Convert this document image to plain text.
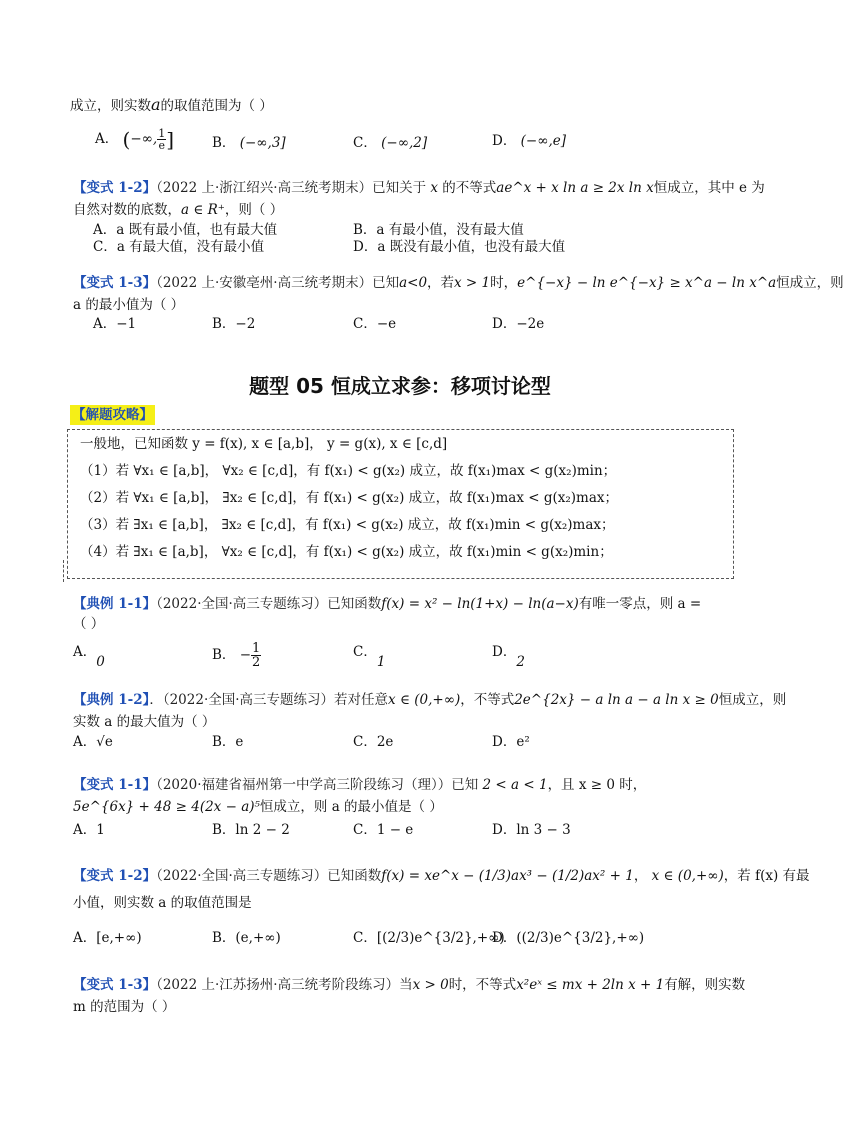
成立，则实数a的取值范围为（ ）
A． (−∞, $\frac{1}{e}$ ]	B． (−∞,3]	C． (−∞,2]	D． (−∞,e]
【变式 1-2】（2022 上·浙江绍兴·高三统考期末）已知关于 x 的不等式ae^x + x ln a ≥ 2x ln x恒成立，其中 e 为
自然对数的底数，a ∈ R⁺，则（ ）
A．a 既有最小值，也有最大值	B．a 有最小值，没有最大值
C．a 有最大值，没有最小值	D．a 既没有最小值，也没有最大值
【变式 1-3】（2022 上·安徽亳州·高三统考期末）已知a<0，若x > 1时，e^{−x} − ln e^{−x} ≥ x^a − ln x^a恒成立，则
a 的最小值为（ ）
A．−1	B．−2	C．−e	D．−2e
题型 05 恒成立求参：移项讨论型
【解题攻略】
一般地，已知函数 y = f(x), x ∈ [a,b]， y = g(x), x ∈ [c,d]
（1）若 ∀x₁ ∈ [a,b]， ∀x₂ ∈ [c,d]，有 f(x₁) < g(x₂) 成立，故 f(x₁)max < g(x₂)min；
（2）若 ∀x₁ ∈ [a,b]， ∃x₂ ∈ [c,d]，有 f(x₁) < g(x₂) 成立，故 f(x₁)max < g(x₂)max；
（3）若 ∃x₁ ∈ [a,b]， ∃x₂ ∈ [c,d]，有 f(x₁) < g(x₂) 成立，故 f(x₁)min < g(x₂)max；
（4）若 ∃x₁ ∈ [a,b]， ∀x₂ ∈ [c,d]，有 f(x₁) < g(x₂) 成立，故 f(x₁)min < g(x₂)min；
【典例 1-1】（2022·全国·高三专题练习）已知函数f(x) = x² − ln(1+x) − ln(a−x)有唯一零点，则 a =
（ ）
A．0	B． − $\frac{1}{2}$	C．1
D．2
【典例 1-2】．（2022·全国·高三专题练习）若对任意x ∈ (0,+∞)，不等式2e^{2x} − a ln a − a ln x ≥ 0恒成立，则
实数 a 的最大值为（ ）
A．√e	B．e	C．2e	D．e²
【变式 1-1】（2020·福建省福州第一中学高三阶段练习（理））已知 2 < a < 1，且 x ≥ 0 时，
5e^{6x} + 48 ≥ 4(2x − a)⁵恒成立，则 a 的最小值是（ ）
A．1	B．ln 2 − 2	C．1 − e	D．ln 3 − 3
【变式 1-2】（2022·全国·高三专题练习）已知函数f(x) = xe^x − (1/3)ax³ − (1/2)ax² + 1， x ∈ (0,+∞)，若 f(x) 有最
小值，则实数 a 的取值范围是
A．[e,+∞)	B．(e,+∞)	C．[(2/3)e^{3/2},+∞)
D．((2/3)e^{3/2},+∞)
【变式 1-3】（2022 上·江苏扬州·高三统考阶段练习）当x > 0时，不等式x²eˣ ≤ mx + 2ln x + 1有解，则实数
m 的范围为（ ）
